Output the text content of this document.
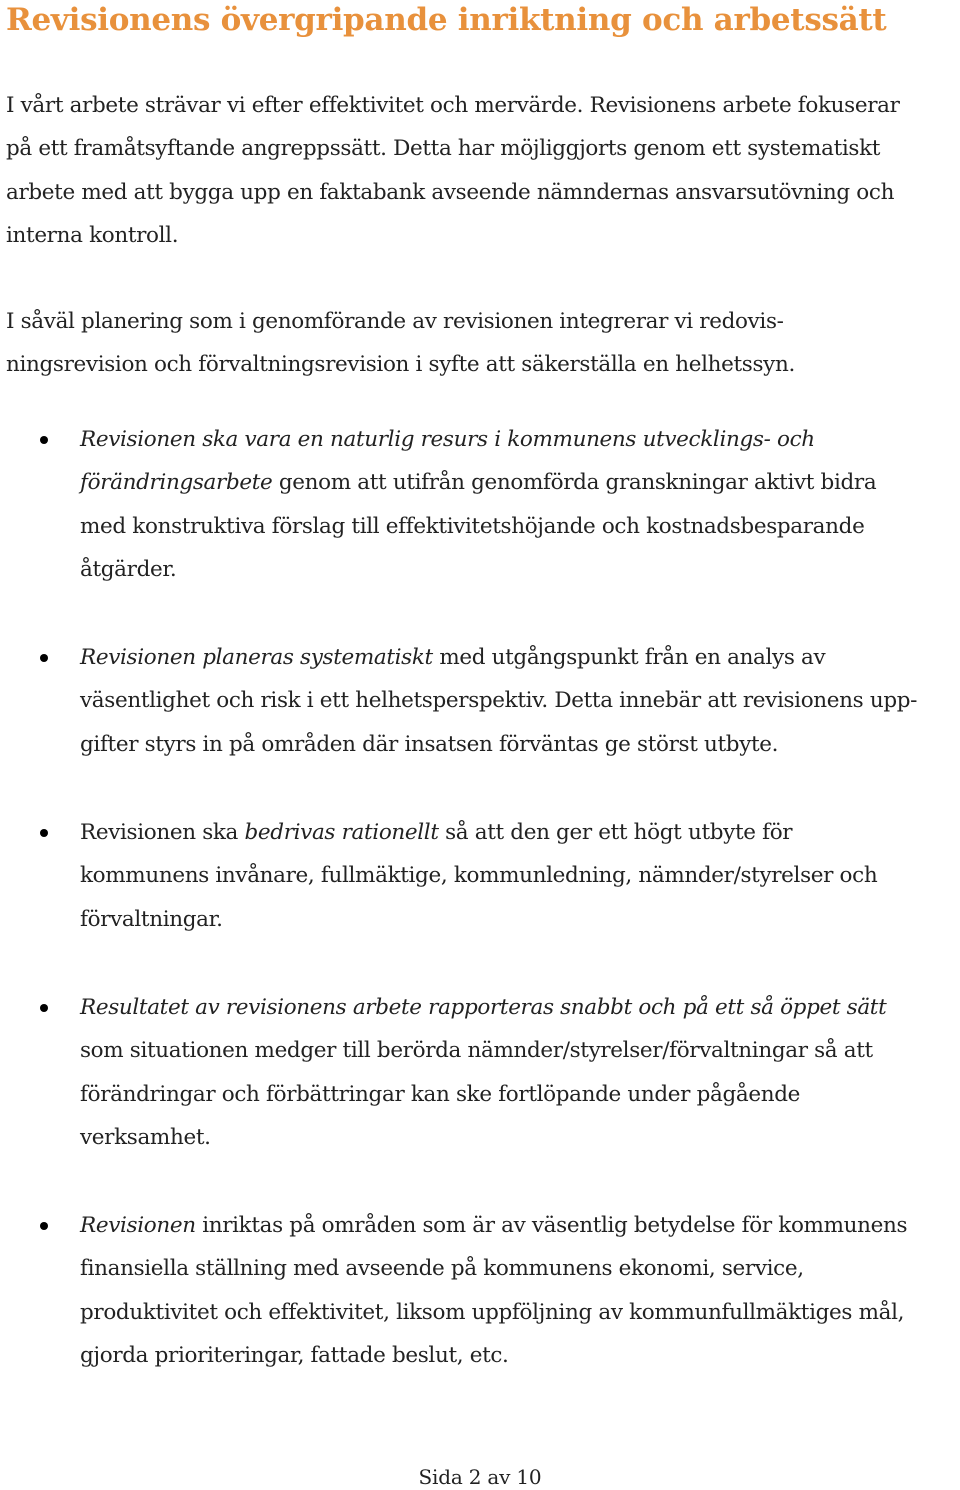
Revisionens övergripande inriktning och arbetssätt

I vårt arbete strävar vi efter effektivitet och mervärde. Revisionens arbete fokuserar
på ett framåtsyftande angreppssätt. Detta har möjliggjorts genom ett systematiskt
arbete med att bygga upp en faktabank avseende nämndernas ansvarsutövning och
interna kontroll.

I såväl planering som i genomförande av revisionen integrerar vi redovis-
ningsrevision och förvaltningsrevision i syfte att säkerställa en helhetssyn.

Revisionen ska vara en naturlig resurs i kommunens utvecklings- och
förändringsarbete genom att utifrån genomförda granskningar aktivt bidra
med konstruktiva förslag till effektivitetshöjande och kostnadsbesparande
åtgärder.

Revisionen planeras systematiskt med utgångspunkt från en analys av
väsentlighet och risk i ett helhetsperspektiv. Detta innebär att revisionens upp-
gifter styrs in på områden där insatsen förväntas ge störst utbyte.

Revisionen ska bedrivas rationellt så att den ger ett högt utbyte för
kommunens invånare, fullmäktige, kommunledning, nämnder/styrelser och
förvaltningar.

Resultatet av revisionens arbete rapporteras snabbt och på ett så öppet sätt
som situationen medger till berörda nämnder/styrelser/förvaltningar så att
förändringar och förbättringar kan ske fortlöpande under pågående
verksamhet.

Revisionen inriktas på områden som är av väsentlig betydelse för kommunens
finansiella ställning med avseende på kommunens ekonomi, service,
produktivitet och effektivitet, liksom uppföljning av kommunfullmäktiges mål,
gjorda prioriteringar, fattade beslut, etc.

Sida 2 av 10
